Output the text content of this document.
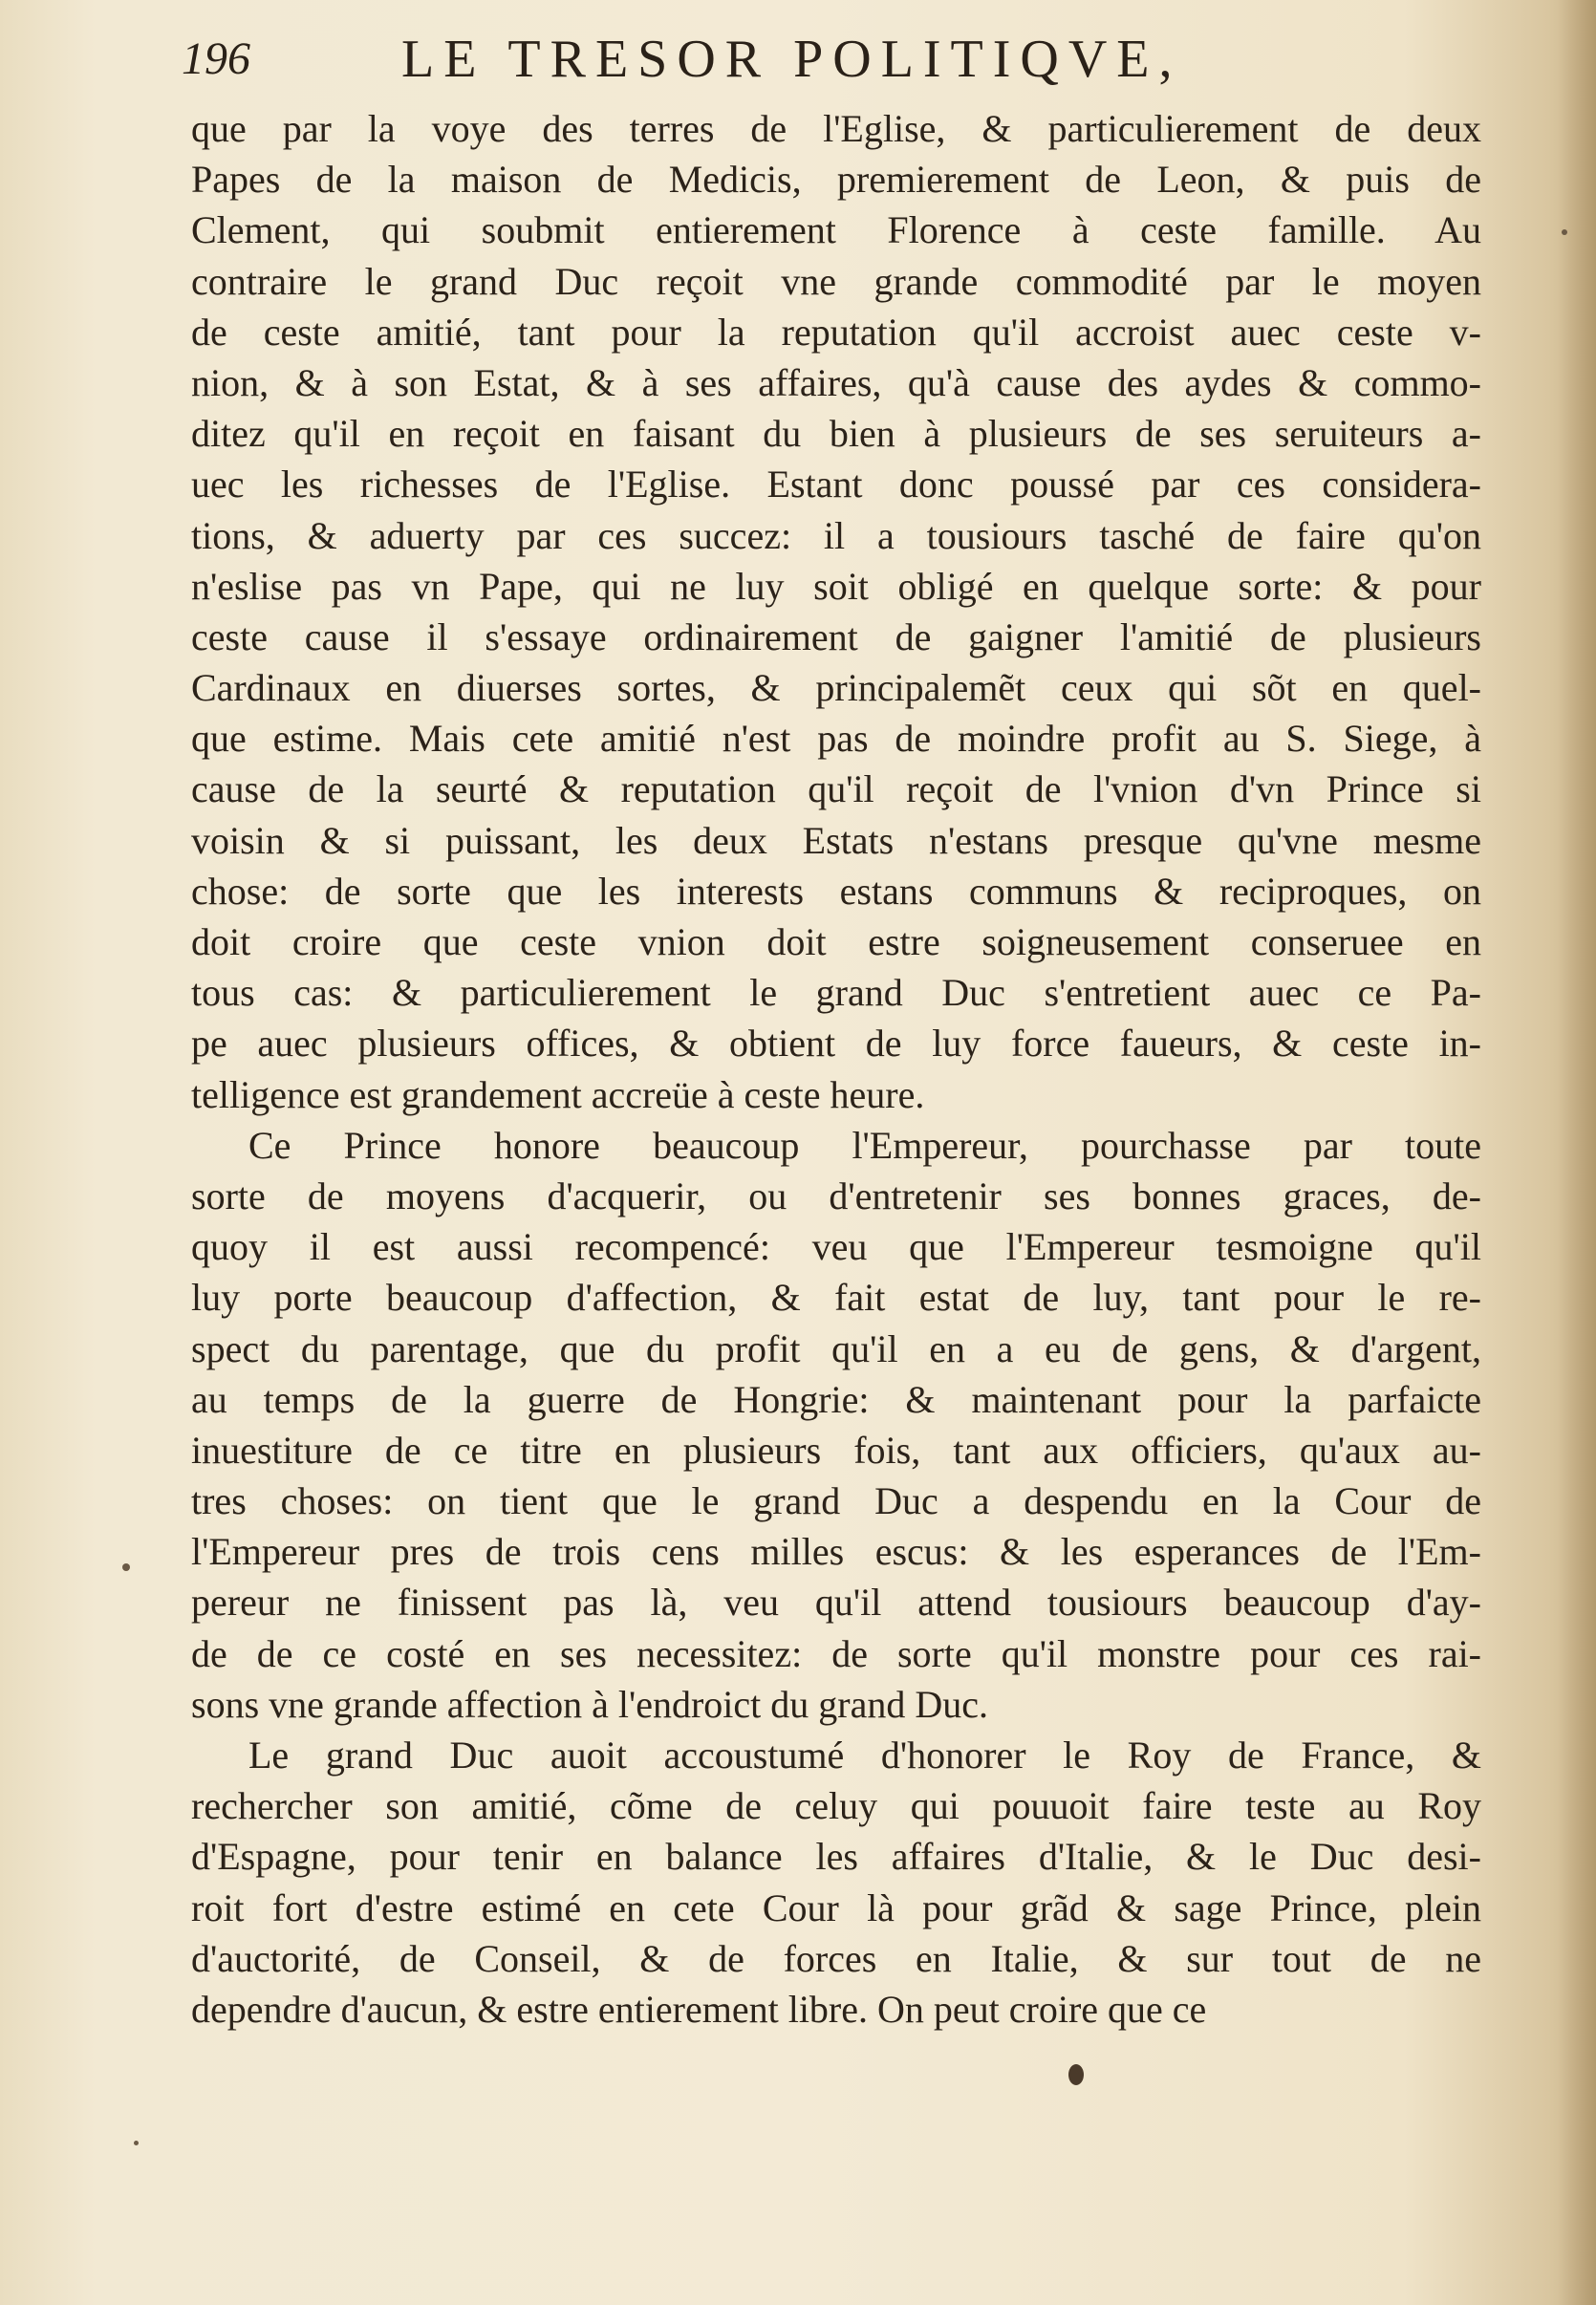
196	LE TRESOR POLITIQVE,
que par la voye des terres de l'Eglise, & particulierement de deux
Papes de la maison de Medicis, premierement de Leon, & puis de
Clement, qui soubmit entierement Florence à ceste famille. Au
contraire le grand Duc reçoit vne grande commodité par le moyen
de ceste amitié, tant pour la reputation qu'il accroist auec ceste v-
nion, & à son Estat, & à ses affaires, qu'à cause des aydes & commo-
ditez qu'il en reçoit en faisant du bien à plusieurs de ses seruiteurs a-
uec les richesses de l'Eglise. Estant donc poussé par ces considera-
tions, & aduerty par ces succez: il a tousiours tasché de faire qu'on
n'eslise pas vn Pape, qui ne luy soit obligé en quelque sorte: & pour
ceste cause il s'essaye ordinairement de gaigner l'amitié de plusieurs
Cardinaux en diuerses sortes, & principalemẽt ceux qui sõt en quel-
que estime. Mais cete amitié n'est pas de moindre profit au S. Siege, à
cause de la seurté & reputation qu'il reçoit de l'vnion d'vn Prince si
voisin & si puissant, les deux Estats n'estans presque qu'vne mesme
chose: de sorte que les interests estans communs & reciproques, on
doit croire que ceste vnion doit estre soigneusement conseruee en
tous cas: & particulierement le grand Duc s'entretient auec ce Pa-
pe auec plusieurs offices, & obtient de luy force faueurs, & ceste in-
telligence est grandement accreüe à ceste heure.
Ce Prince honore beaucoup l'Empereur, pourchasse par toute
sorte de moyens d'acquerir, ou d'entretenir ses bonnes graces, de-
quoy il est aussi recompencé: veu que l'Empereur tesmoigne qu'il
luy porte beaucoup d'affection, & fait estat de luy, tant pour le re-
spect du parentage, que du profit qu'il en a eu de gens, & d'argent,
au temps de la guerre de Hongrie: & maintenant pour la parfaicte
inuestiture de ce titre en plusieurs fois, tant aux officiers, qu'aux au-
tres choses: on tient que le grand Duc a despendu en la Cour de
l'Empereur pres de trois cens milles escus: & les esperances de l'Em-
pereur ne finissent pas là, veu qu'il attend tousiours beaucoup d'ay-
de de ce costé en ses necessitez: de sorte qu'il monstre pour ces rai-
sons vne grande affection à l'endroict du grand Duc.
Le grand Duc auoit accoustumé d'honorer le Roy de France, &
rechercher son amitié, cõme de celuy qui pouuoit faire teste au Roy
d'Espagne, pour tenir en balance les affaires d'Italie, & le Duc desi-
roit fort d'estre estimé en cete Cour là pour grãd & sage Prince, plein
d'auctorité, de Conseil, & de forces en Italie, & sur tout de ne
dependre d'aucun, & estre entierement libre. On peut croire que ce
